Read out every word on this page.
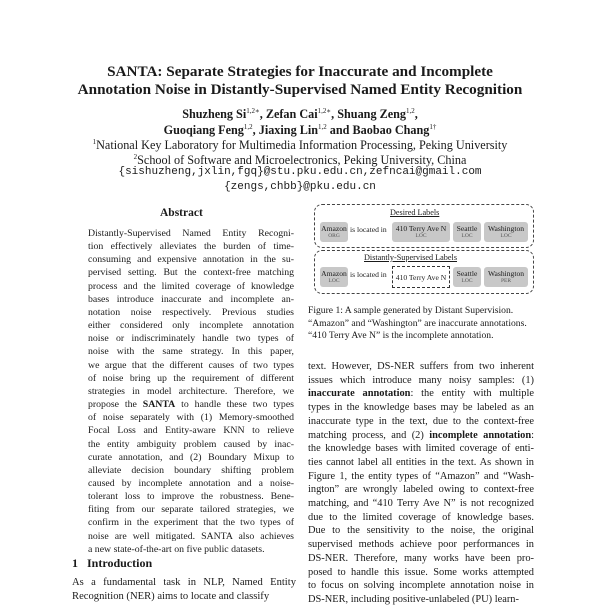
SANTA: Separate Strategies for Inaccurate and Incomplete
Annotation Noise in Distantly-Supervised Named Entity Recognition
Shuzheng $Si^{1,2∗}$, Zefan Cai$^{1,2∗}$, Shuang Zeng$^{1,2}$,
Guoqiang Feng$^{1,2}$, Jiaxing Lin$^{1,2}$ and Baobao Chang$^{1\dagger}$
$^1$National Key Laboratory for Multimedia Information Processing, Peking University
$^2$School of Software and Microelectronics, Peking University, China
{sishuzheng,jxlin,fgq}@stu.pku.edu.cn,zefncai@gmail.com
{zengs,chbb}@pku.edu.cn
Abstract

Distantly-Supervised Named Entity Recogni-

tion effectively alleviates the burden of time-

consuming and expensive annotation in the su-

pervised setting. But the context-free matching

process and the limited coverage of knowledge

bases introduce inaccurate and incomplete an-

notation noise respectively. Previous studies

either considered only incomplete annotation

noise or indiscriminately handle two types of

noise with the same strategy. In this paper,

we argue that the different causes of two types

of noise bring up the requirement of different

strategies in model architecture. Therefore, we

propose the SANTA to handle these two types

of noise separately with (1) Memory-smoothed

Focal Loss and Entity-aware KNN to relieve

the entity ambiguity problem caused by inac-

curate annotation, and (2) Boundary Mixup to

alleviate decision boundary shifting problem

caused by incomplete annotation and a noise-

tolerant loss to improve the robustness. Bene-

fiting from our separate tailored strategies, we

confirm in the experiment that the two types of

noise are well mitigated. SANTA also achieves

a new state-of-the-art on five public datasets.

1 Introduction

As a fundamental task in NLP, Named Entity

Recognition (NER) aims to locate and classify

Desired Labels
Amazon
ORG
is located in	410 Terry Ave N
LOC
Seattle
LOC
Washington
LOC
Distantly-Supervised Labels
Amazon
LOC
is located in	410 Terry Ave N	Seattle
LOC
Washington
PER

Figure 1: A sample generated by Distant Supervision.

“Amazon” and “Washington” are inaccurate annotations.

“410 Terry Ave N” is the incomplete annotation.

text. However, DS-NER suffers from two inherent

issues which introduce many noisy samples: (1)

inaccurate annotation: the entity with multiple

types in the knowledge bases may be labeled as an

inaccurate type in the text, due to the context-free

matching process, and (2) incomplete annotation:

the knowledge bases with limited coverage of enti-

ties cannot label all entities in the text. As shown in

Figure 1, the entity types of “Amazon” and “Wash-

ington” are wrongly labeled owing to context-free

matching, and “410 Terry Ave N” is not recognized

due to the limited coverage of knowledge bases.

Due to the sensitivity to the noise, the original

supervised methods achieve poor performances in

DS-NER. Therefore, many works have been pro-

posed to handle this issue. Some works attempted

to focus on solving incomplete annotation noise in

DS-NER, including positive-unlabeled (PU) learn-
